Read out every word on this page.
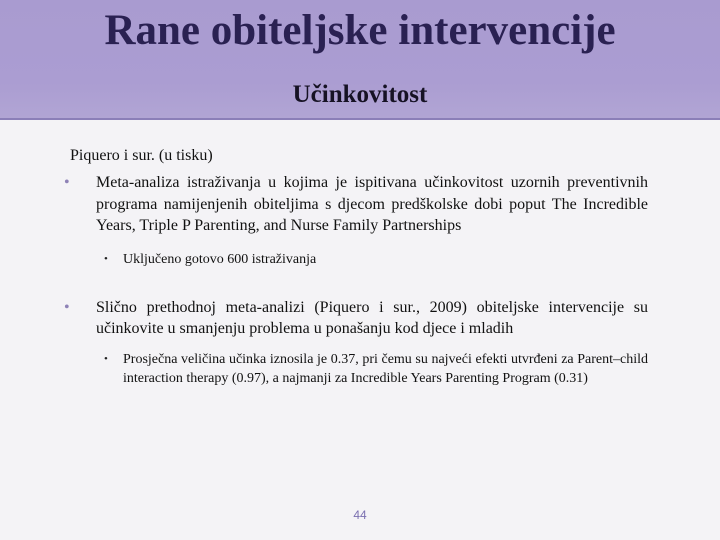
Rane obiteljske intervencije
Učinkovitost
Piquero i sur. (u tisku)
• Meta-analiza istraživanja u kojima je ispitivana učinkovitost uzornih preventivnih programa namijenjenih obiteljima s djecom predškolske dobi poput The Incredible Years, Triple P Parenting, and Nurse Family Partnerships
• Uključeno gotovo 600 istraživanja
• Slično prethodnoj meta-analizi (Piquero i sur., 2009) obiteljske intervencije su učinkovite u smanjenju problema u ponašanju kod djece i mladih
• Prosječna veličina učinka iznosila je 0.37, pri čemu su najveći efekti utvrđeni za Parent–child interaction therapy (0.97), a najmanji za Incredible Years Parenting Program (0.31)
44
